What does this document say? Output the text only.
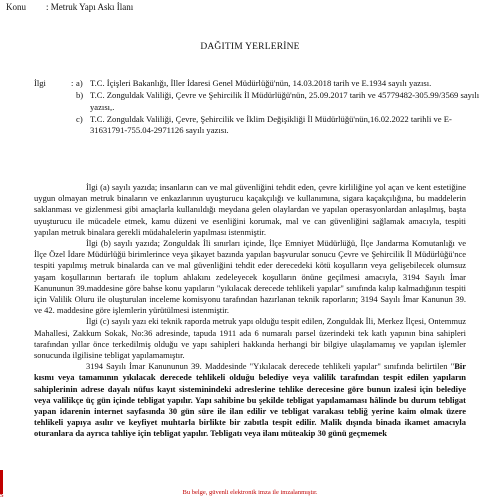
Konu	: Metruk Yapı Askı İlanı
DAĞITIM YERLERİNE
İlgi	: a) T.C. İçişleri Bakanlığı, İller İdaresi Genel Müdürlüğü'nün, 14.03.2018 tarih ve E.1934 sayılı yazısı.
b) T.C. Zonguldak Valiliği, Çevre ve Şehircilik İl Müdürlüğü'nün, 25.09.2017 tarih ve 45779482-305.99/3569 sayılı yazısı,.
c) T.C. Zonguldak Valiliği, Çevre, Şehircilik ve İklim Değişikliği İl Müdürlüğü'nün,16.02.2022 tarihli ve E-31631791-755.04-2971126 sayılı yazısı.

İlgi (a) sayılı yazıda; insanların can ve mal güvenliğini tehdit eden, çevre kirliliğine yol açan ve kent estetiğine uygun olmayan metruk binaların ve enkazlarının uyuşturucu kaçakçılığı ve kullanımına, sigara kaçakçılığına, bu maddelerin saklanması ve gizlenmesi gibi amaçlarla kullanıldığı meydana gelen olaylardan ve yapılan operasyonlardan anlaşılmış, başta uyuşturucu ile mücadele etmek, kamu düzeni ve esenliğini korumak, mal ve can güvenliğini sağlamak amacıyla, tespiti yapılan metruk binalara gerekli müdahalelerin yapılması istenmiştir.

İlgi (b) sayılı yazıda; Zonguldak İli sınırları içinde, İlçe Emniyet Müdürlüğü, İlçe Jandarma Komutanlığı ve İlçe Özel İdare Müdürlüğü birimlerince veya şikayet bazında yapılan başvurular sonucu Çevre ve Şehircilik İl Müdürlüğü'nce tespiti yapılmış metruk binalarda can ve mal güvenliğini tehdit eder derecedeki kötü koşulların veya gelişebilecek olumsuz yaşam koşullarının bertarafı ile toplum ahlakını zedeleyecek koşulların önüne geçilmesi amacıyla, 3194 Sayılı İmar Kanununun 39.maddesine göre bahse konu yapıların "yıkılacak derecede tehlikeli yapılar" sınıfında kalıp kalmadığının tespiti için Valilik Oluru ile oluşturulan inceleme komisyonu tarafından hazırlanan teknik raporların; 3194 Sayılı İmar Kanunun 39. ve 42. maddesine göre işlemlerin yürütülmesi istenmiştir.

İlgi (c) sayılı yazı eki teknik raporda metruk yapı olduğu tespit edilen, Zonguldak İli, Merkez İlçesi, Ontemmuz Mahallesi, Zakkum Sokak, No:36 adresinde, tapuda 1911 ada 6 numaralı parsel üzerindeki tek katlı yapının bina sahipleri tarafından yıllar önce terkedilmiş olduğu ve yapı sahipleri hakkında herhangi bir bilgiye ulaşılamamış ve yapılan işlemler sonucunda ilgilisine tebligat yapılamamıştır.

3194 Sayılı İmar Kanununun 39. Maddesinde "Yıkılacak derecede tehlikeli yapılar" sınıfında belirtilen "Bir kısmı veya tamamının yıkılacak derecede tehlikeli olduğu belediye veya valilik tarafından tespit edilen yapıların sahiplerinin adrese dayalı nüfus kayıt sisteminindeki adreslerine tehlike derecesine göre bunun izalesi için belediye veya valilikçe üç gün içinde tebligat yapılır. Yapı sahibine bu şekilde tebligat yapılamaması hâlinde bu durum tebligat yapan idarenin internet sayfasında 30 gün süre ile ilan edilir ve tebligat varakası tebliğ yerine kaim olmak üzere tehlikeli yapıya asılır ve keyfiyet muhtarla birlikte bir zabıtla tespit edilir. Malik dışında binada ikamet amacıyla oturanlara da ayrıca tahliye için tebligat yapılır. Tebligatı veya ilanı müteakip 30 günü geçmemek

S	Bu belge, güvenli elektronik imza ile imzalanmıştır.
